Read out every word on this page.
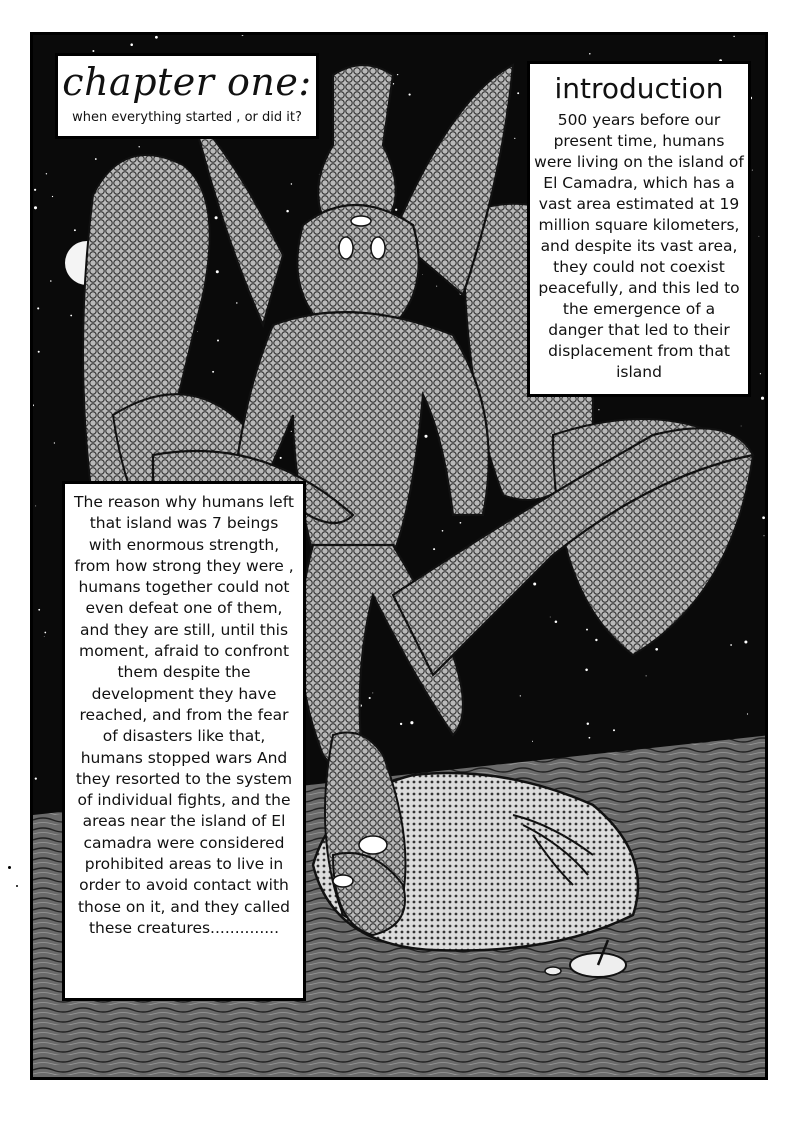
chapter one:
when everything started , or did it?
introduction
500 years before our present time, humans were living on the island of El Camadra, which has a vast area estimated at 19 million square kilometers, and despite its vast area, they could not coexist peacefully, and this led to the emergence of a danger that led to their displacement from that island
The reason why humans left that island was 7 beings with enormous strength, from how strong they were , humans together could not even defeat one of them, and they are still, until this moment, afraid to confront them despite the development they have reached, and from the fear of disasters like that, humans stopped wars And they resorted to the system of individual fights, and the areas near the island of El camadra were considered prohibited areas to live in order to avoid contact with those on it, and they called these creatures..............
